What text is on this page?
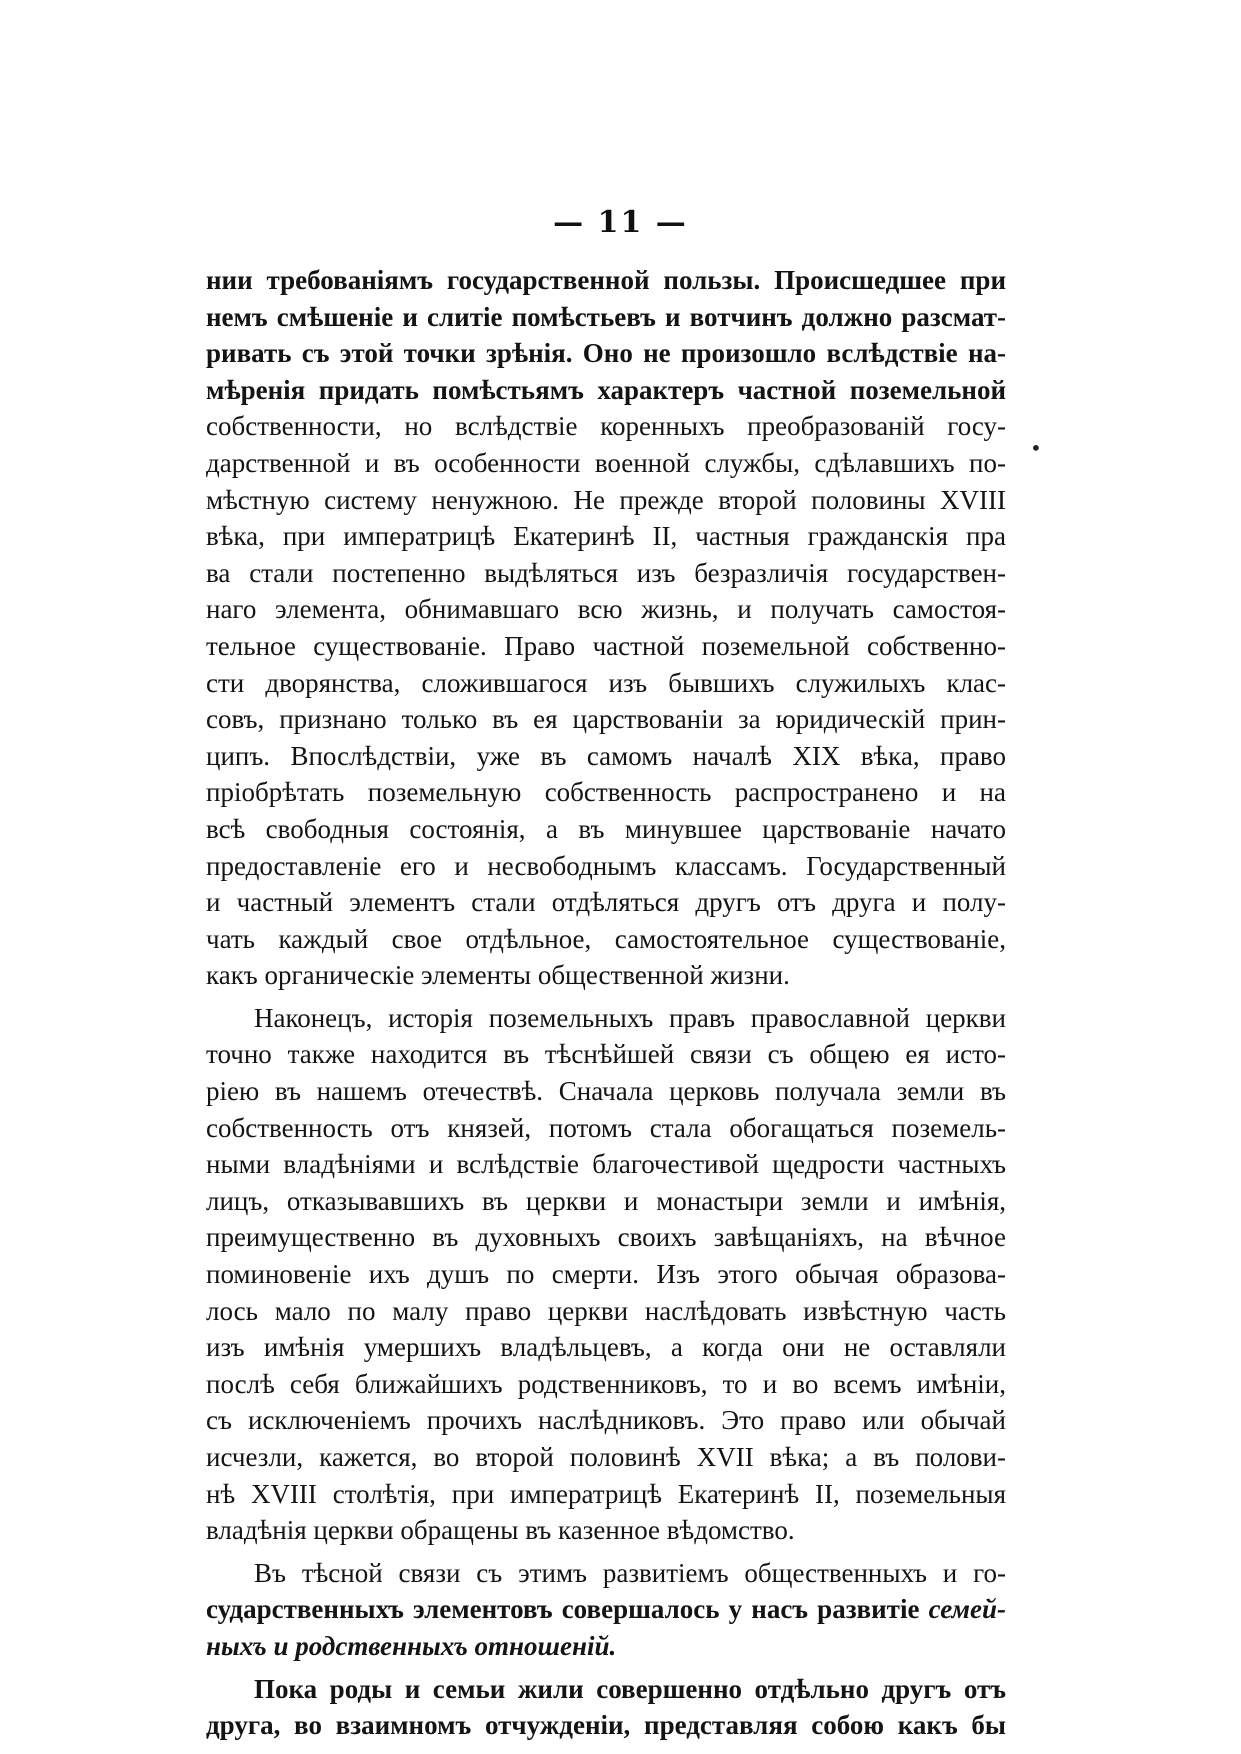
— 11 —
•
нии требованіямъ государственной пользы. Происшедшее при
немъ смѣшеніе и слитіе помѣстьевъ и вотчинъ должно разсмат-
ривать съ этой точки зрѣнія. Оно не произошло вслѣдствіе на-
мѣренія придать помѣстьямъ характеръ частной поземельной
собственности, но вслѣдствіе коренныхъ преобразованій госу-
дарственной и въ особенности военной службы, сдѣлавшихъ по-
мѣстную систему ненужною. Не прежде второй половины XVIII
вѣка, при императрицѣ Екатеринѣ II, частныя гражданскія пра
ва стали постепенно выдѣляться изъ безразличія государствен-
наго элемента, обнимавшаго всю жизнь, и получать самостоя-
тельное существованіе. Право частной поземельной собственно-
сти дворянства, сложившагося изъ бывшихъ служилыхъ клас-
совъ, признано только въ ея царствованіи за юридическій прин-
ципъ. Впослѣдствіи, уже въ самомъ началѣ XIX вѣка, право
пріобрѣтать поземельную собственность распространено и на
всѣ свободныя состоянія, а въ минувшее царствованіе начато
предоставленіе его и несвободнымъ классамъ. Государственный
и частный элементъ стали отдѣляться другъ отъ друга и полу-
чать каждый свое отдѣльное, самостоятельное существованіе,
какъ органическіе элементы общественной жизни.
Наконецъ, исторія поземельныхъ правъ православной церкви
точно также находится въ тѣснѣйшей связи съ общею ея исто-
ріею въ нашемъ отечествѣ. Сначала церковь получала земли въ
собственность отъ князей, потомъ стала обогащаться поземель-
ными владѣніями и вслѣдствіе благочестивой щедрости частныхъ
лицъ, отказывавшихъ въ церкви и монастыри земли и имѣнія,
преимущественно въ духовныхъ своихъ завѣщаніяхъ, на вѣчное
поминовеніе ихъ душъ по смерти. Изъ этого обычая образова-
лось мало по малу право церкви наслѣдовать извѣстную часть
изъ имѣнія умершихъ владѣльцевъ, а когда они не оставляли
послѣ себя ближайшихъ родственниковъ, то и во всемъ имѣніи,
съ исключеніемъ прочихъ наслѣдниковъ. Это право или обычай
исчезли, кажется, во второй половинѣ XVII вѣка; а въ полови-
нѣ XVIII столѣтія, при императрицѣ Екатеринѣ II, поземельныя
владѣнія церкви обращены въ казенное вѣдомство.
Въ тѣсной связи съ этимъ развитіемъ общественныхъ и го-
сударственныхъ элементовъ совершалось у насъ развитіе семей-
ныхъ и родственныхъ отношеній.
Пока роды и семьи жили совершенно отдѣльно другъ отъ
друга, во взаимномъ отчужденіи, представляя собою какъ бы
